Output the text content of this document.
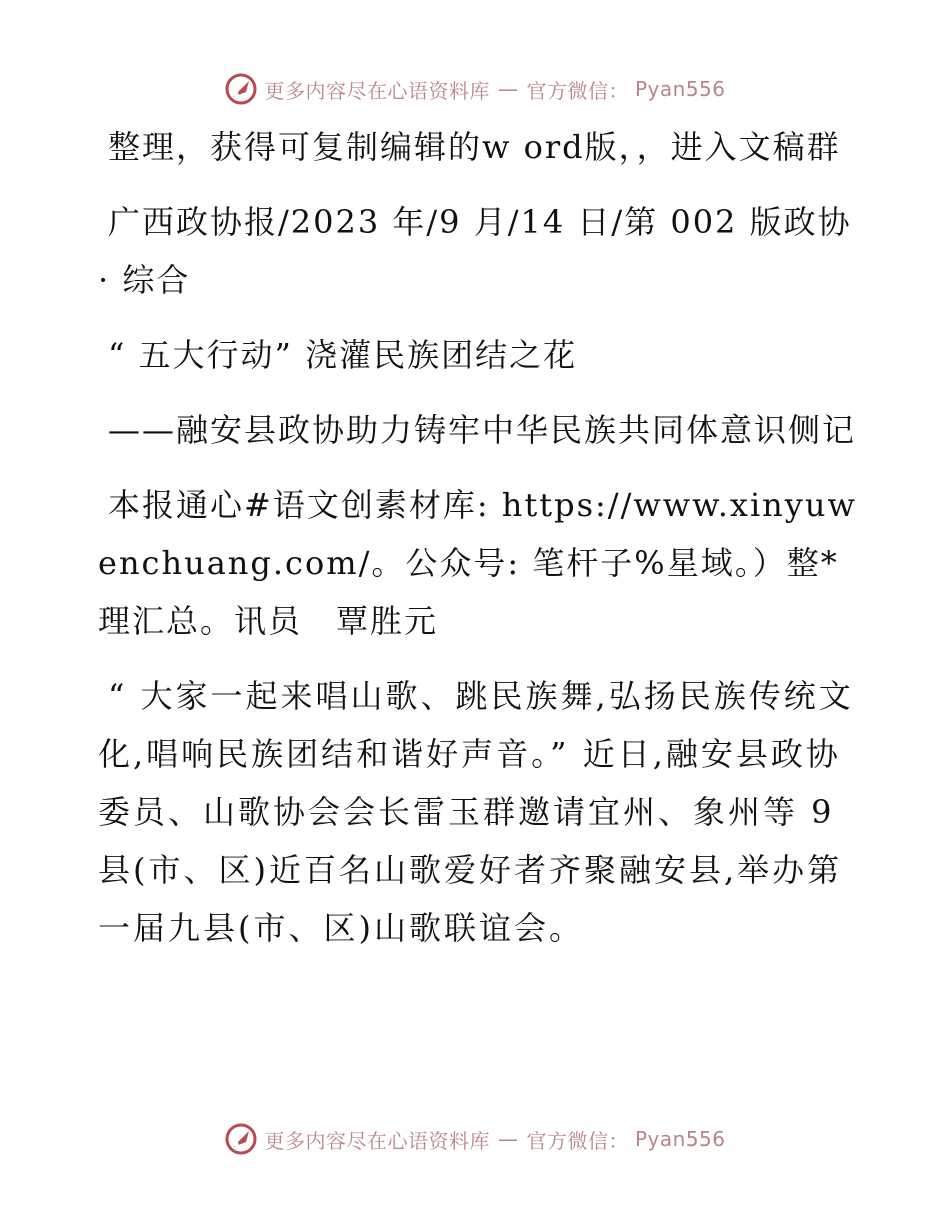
更多内容尽在心语资料库 — 官方微信： Pyan556

整理，获得可复制编辑的w ord版，，进入文稿群

广西政协报/2023 年/9 月/14 日/第 002 版政协 · 综合

“ 五大行动” 浇灌民族团结之花

——融安县政协助力铸牢中华民族共同体意识侧记

本报通心#语文创素材库: https://www.xinyuwenchuang.com/。公众号: 笔杆子%星域。）整*理汇总。讯员　覃胜元

“ 大家一起来唱山歌、跳民族舞,弘扬民族传统文化,唱响民族团结和谐好声音。” 近日,融安县政协委员、山歌协会会长雷玉群邀请宜州、象州等 9 县(市、区)近百名山歌爱好者齐聚融安县,举办第一届九县(市、区)山歌联谊会。

更多内容尽在心语资料库 — 官方微信： Pyan556
